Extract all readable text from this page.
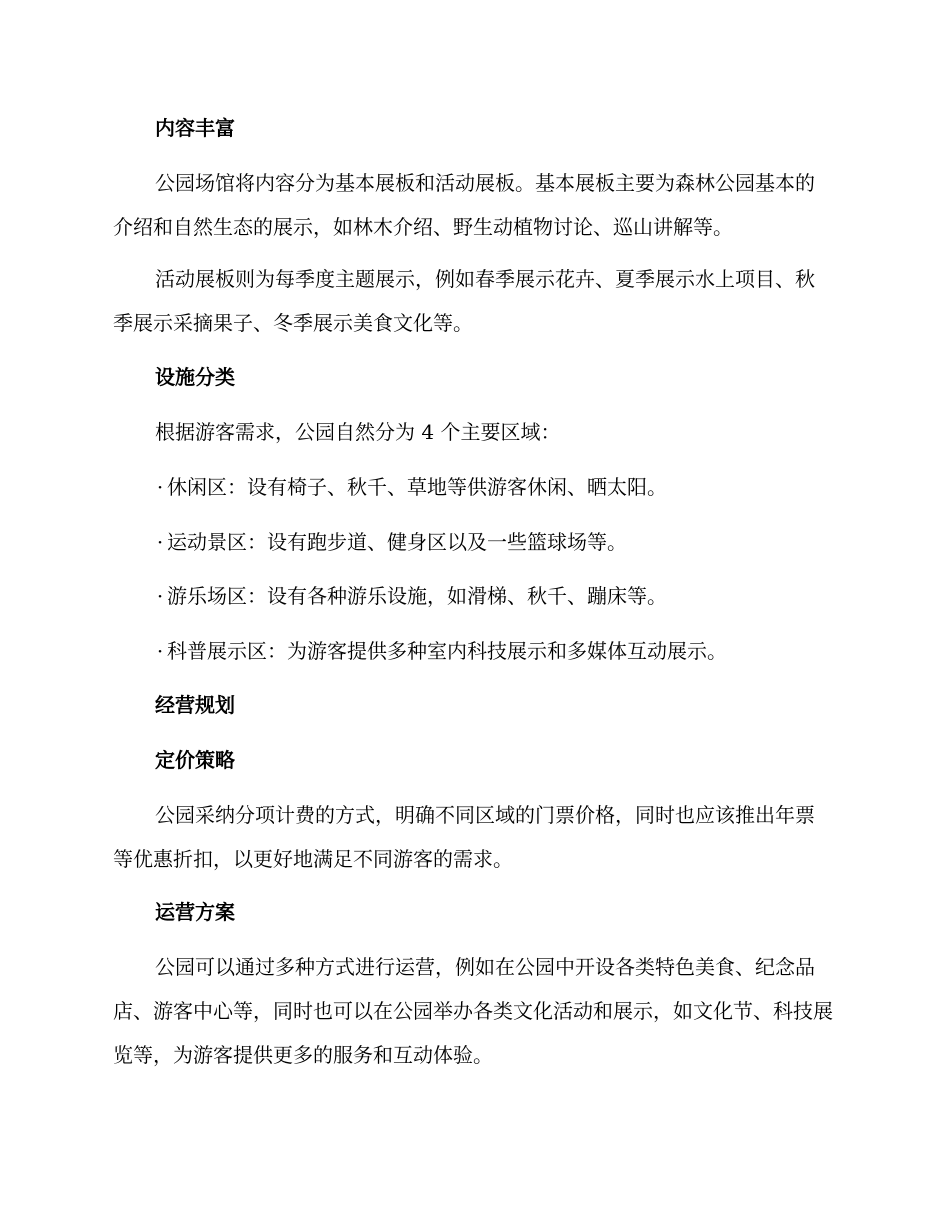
内容丰富
公园场馆将内容分为基本展板和活动展板。基本展板主要为森林公园基本的介绍和自然生态的展示，如林木介绍、野生动植物讨论、巡山讲解等。
活动展板则为每季度主题展示，例如春季展示花卉、夏季展示水上项目、秋季展示采摘果子、冬季展示美食文化等。
设施分类
根据游客需求，公园自然分为 4 个主要区域：
· 休闲区：设有椅子、秋千、草地等供游客休闲、晒太阳。
· 运动景区：设有跑步道、健身区以及一些篮球场等。
· 游乐场区：设有各种游乐设施，如滑梯、秋千、蹦床等。
· 科普展示区：为游客提供多种室内科技展示和多媒体互动展示。
经营规划
定价策略
公园采纳分项计费的方式，明确不同区域的门票价格，同时也应该推出年票等优惠折扣，以更好地满足不同游客的需求。
运营方案
公园可以通过多种方式进行运营，例如在公园中开设各类特色美食、纪念品店、游客中心等，同时也可以在公园举办各类文化活动和展示，如文化节、科技展览等，为游客提供更多的服务和互动体验。
